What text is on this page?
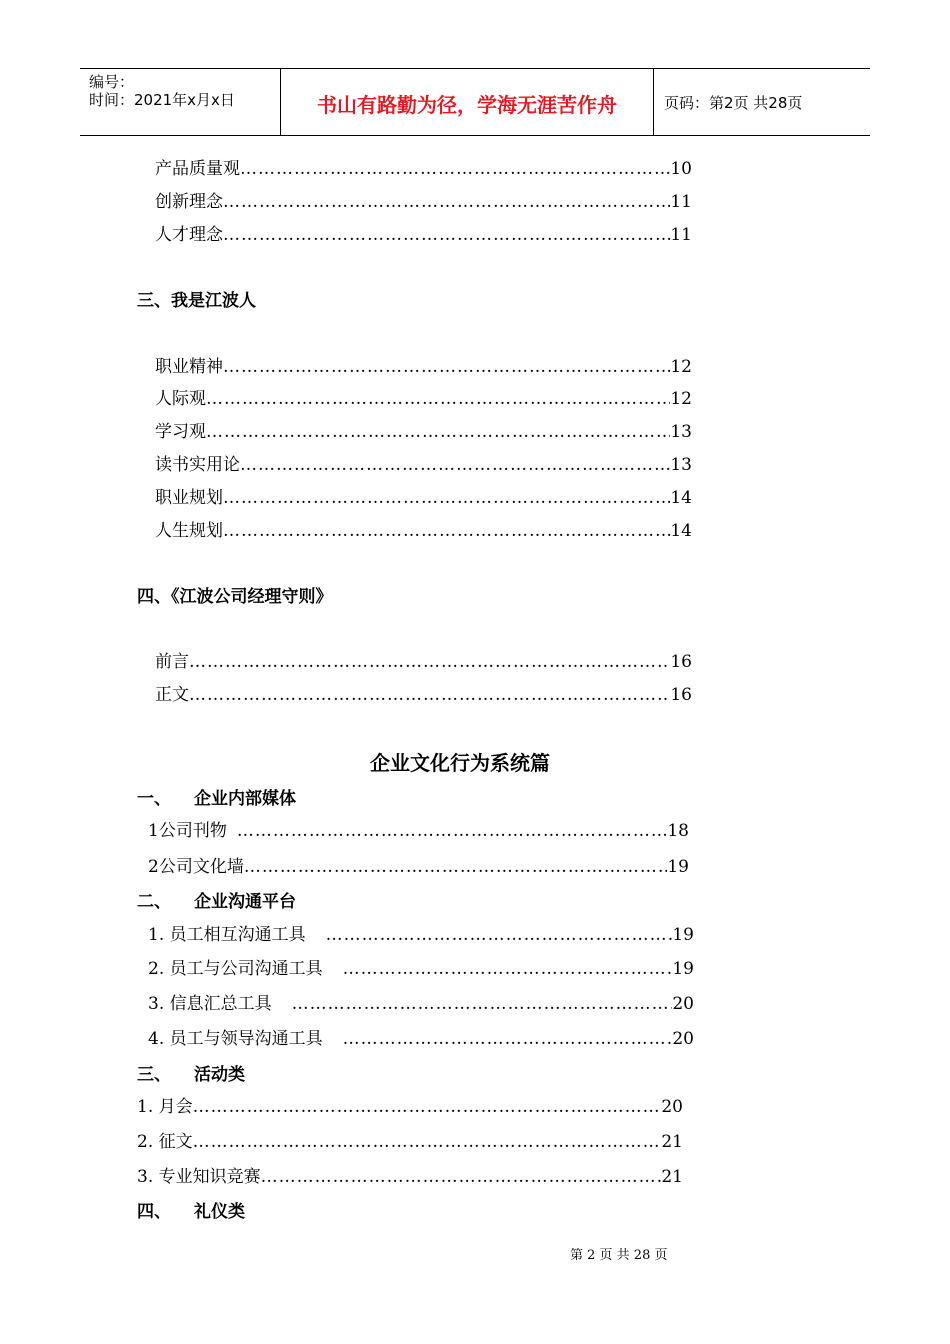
编号：
时间：2021年x月x日	书山有路勤为径，学海无涯苦作舟	页码：第2页 共28页
产品质量观 ……………………………………………………………………………………………………………………………………………………………………	10
创新理念 ……………………………………………………………………………………………………………………………………………………………………	11
人才理念 ……………………………………………………………………………………………………………………………………………………………………	11
三、我是江波人
职业精神 ……………………………………………………………………………………………………………………………………………………………………	12
人际观 ……………………………………………………………………………………………………………………………………………………………………	12
学习观 ……………………………………………………………………………………………………………………………………………………………………	13
读书实用论 ……………………………………………………………………………………………………………………………………………………………………	13
职业规划 ……………………………………………………………………………………………………………………………………………………………………	14
人生规划 ……………………………………………………………………………………………………………………………………………………………………	14
四、《江波公司经理守则》
前言 ……………………………………………………………………………………………………………………………………………………………………	16
正文 ……………………………………………………………………………………………………………………………………………………………………	16
企业文化行为系统篇
一、 企业内部媒体
1公司刊物 ……………………………………………………………………………………………………………………………………………………………………	18
2公司文化墙 ……………………………………………………………………………………………………………………………………………………………………	19
二、 企业沟通平台
1. 员工相互沟通工具 ……………………………………………………………………………………………………………………………………………………………………	19
2. 员工与公司沟通工具 ……………………………………………………………………………………………………………………………………………………………………	19
3. 信息汇总工具 ……………………………………………………………………………………………………………………………………………………………………	20
4. 员工与领导沟通工具 ……………………………………………………………………………………………………………………………………………………………………	20
三、 活动类
1. 月会 ……………………………………………………………………………………………………………………………………………………………………	20
2. 征文 ……………………………………………………………………………………………………………………………………………………………………	21
3. 专业知识竞赛 ……………………………………………………………………………………………………………………………………………………………………	21
四、 礼仪类
第 2 页 共 28 页
